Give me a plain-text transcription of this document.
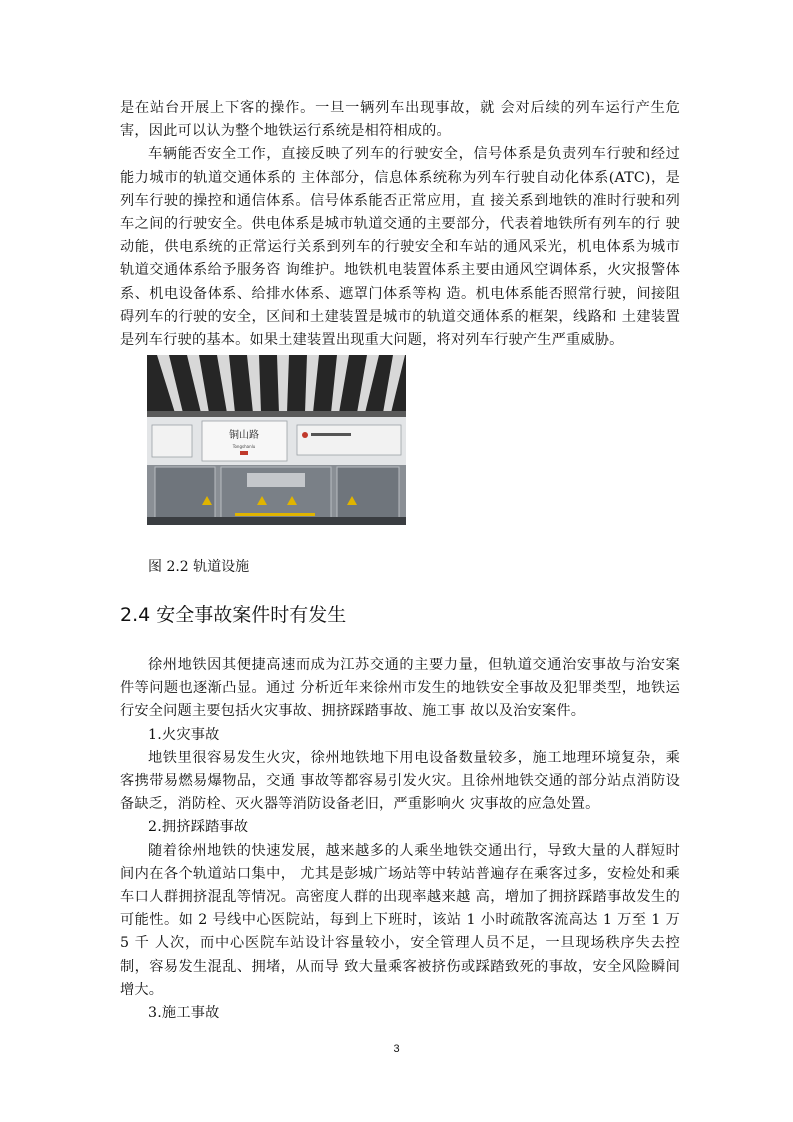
是在站台开展上下客的操作。一旦一辆列车出现事故，就 会对后续的列车运行产生危害，因此可以认为整个地铁运行系统是相符相成的。

车辆能否安全工作，直接反映了列车的行驶安全，信号体系是负责列车行驶和经过能力城市的轨道交通体系的 主体部分，信息体系统称为列车行驶自动化体系(ATC)，是列车行驶的操控和通信体系。信号体系能否正常应用，直 接关系到地铁的准时行驶和列车之间的行驶安全。供电体系是城市轨道交通的主要部分，代表着地铁所有列车的行 驶动能，供电系统的正常运行关系到列车的行驶安全和车站的通风采光，机电体系为城市轨道交通体系给予服务咨 询维护。地铁机电装置体系主要由通风空调体系，火灾报警体系、机电设备体系、给排水体系、遮罩门体系等构 造。机电体系能否照常行驶，间接阻碍列车的行驶的安全，区间和土建装置是城市的轨道交通体系的框架，线路和 土建装置是列车行驶的基本。如果土建装置出现重大问题，将对列车行驶产生严重威胁。

铜山路
Tongshanlu
图 2.2 轨道设施
2.4 安全事故案件时有发生

徐州地铁因其便捷高速而成为江苏交通的主要力量，但轨道交通治安事故与治安案件等问题也逐渐凸显。通过 分析近年来徐州市发生的地铁安全事故及犯罪类型，地铁运行安全问题主要包括火灾事故、拥挤踩踏事故、施工事 故以及治安案件。

1.火灾事故

地铁里很容易发生火灾，徐州地铁地下用电设备数量较多，施工地理环境复杂，乘客携带易燃易爆物品，交通 事故等都容易引发火灾。且徐州地铁交通的部分站点消防设备缺乏，消防栓、灭火器等消防设备老旧，严重影响火 灾事故的应急处置。

2.拥挤踩踏事故

随着徐州地铁的快速发展，越来越多的人乘坐地铁交通出行，导致大量的人群短时间内在各个轨道站口集中， 尤其是彭城广场站等中转站普遍存在乘客过多，安检处和乘车口人群拥挤混乱等情况。高密度人群的出现率越来越 高，增加了拥挤踩踏事故发生的可能性。如 2 号线中心医院站，每到上下班时，该站 1 小时疏散客流高达 1 万至 1 万 5 千 人次，而中心医院车站设计容量较小，安全管理人员不足，一旦现场秩序失去控制，容易发生混乱、拥堵，从而导 致大量乘客被挤伤或踩踏致死的事故，安全风险瞬间增大。

3.施工事故

3
